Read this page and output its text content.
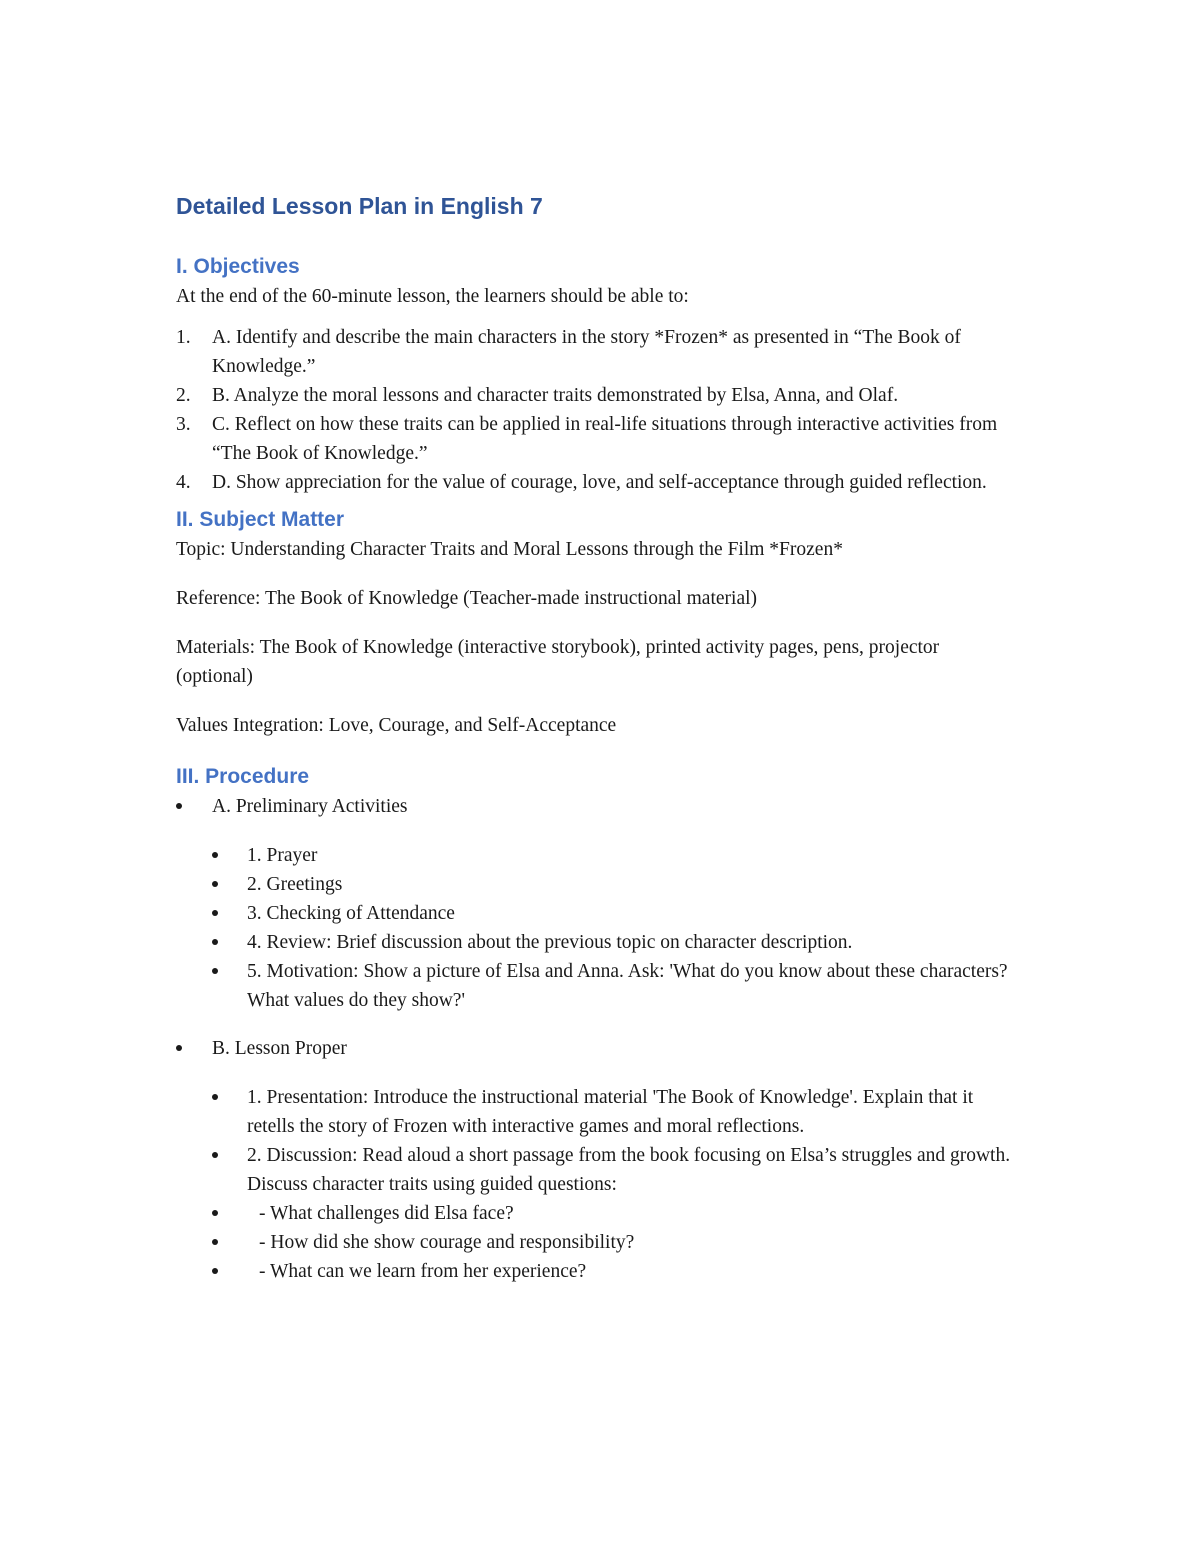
Detailed Lesson Plan in English 7
I. Objectives

At the end of the 60-minute lesson, the learners should be able to:

1. A. Identify and describe the main characters in the story *Frozen* as presented in “The Book of Knowledge.”
2. B. Analyze the moral lessons and character traits demonstrated by Elsa, Anna, and Olaf.
3. C. Reflect on how these traits can be applied in real-life situations through interactive activities from “The Book of Knowledge.”
4. D. Show appreciation for the value of courage, love, and self-acceptance through guided reflection.
II. Subject Matter

Topic: Understanding Character Traits and Moral Lessons through the Film *Frozen*

Reference: The Book of Knowledge (Teacher-made instructional material)

Materials: The Book of Knowledge (interactive storybook), printed activity pages, pens, projector (optional)

Values Integration: Love, Courage, and Self-Acceptance

III. Procedure
A. Preliminary Activities
1. Prayer
2. Greetings
3. Checking of Attendance
4. Review: Brief discussion about the previous topic on character description.
5. Motivation: Show a picture of Elsa and Anna. Ask: 'What do you know about these characters? What values do they show?'
B. Lesson Proper
1. Presentation: Introduce the instructional material 'The Book of Knowledge'. Explain that it retells the story of Frozen with interactive games and moral reflections.
2. Discussion: Read aloud a short passage from the book focusing on Elsa’s struggles and growth. Discuss character traits using guided questions:
- What challenges did Elsa face?
- How did she show courage and responsibility?
- What can we learn from her experience?
